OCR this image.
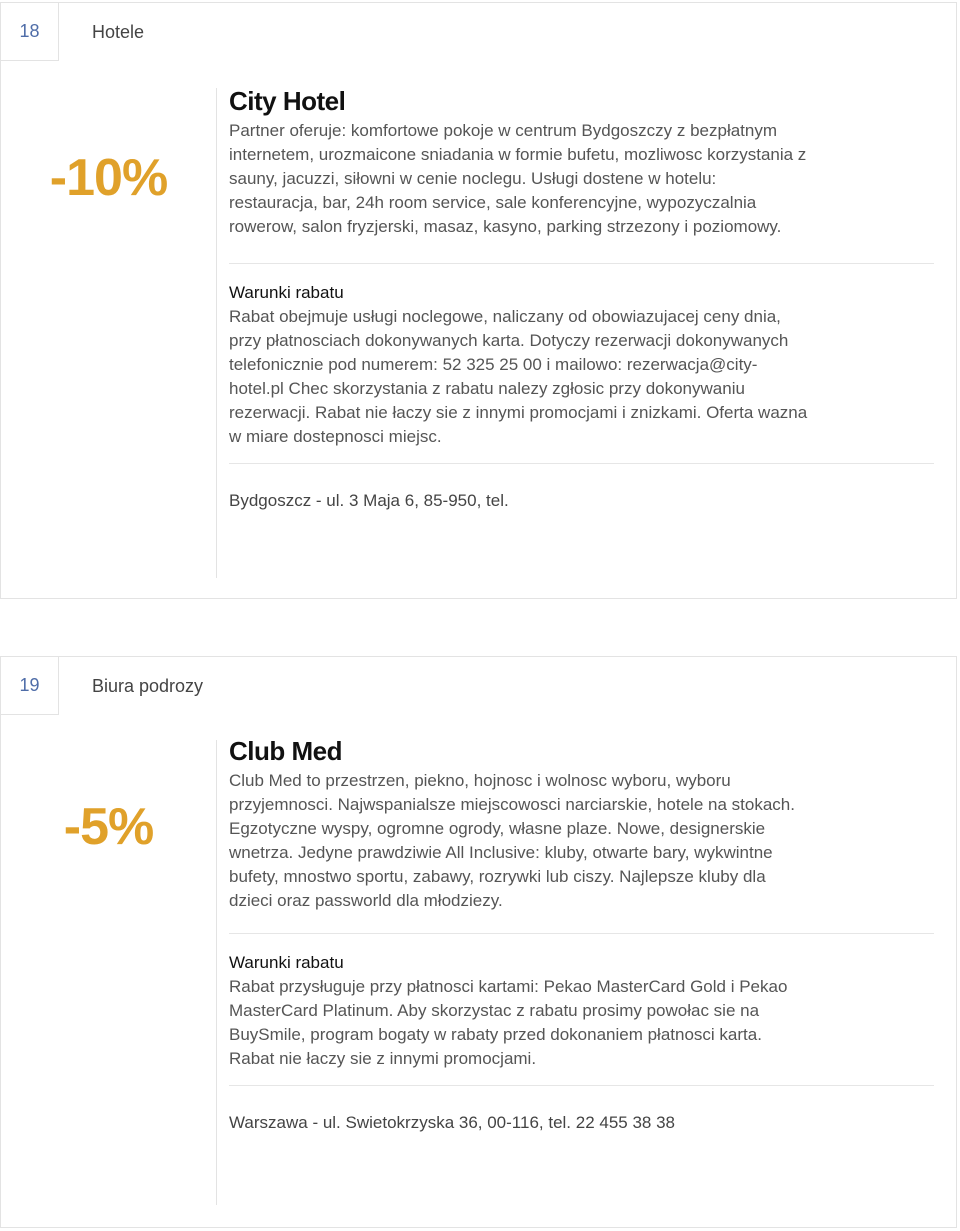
18	Hotele
-10%
City Hotel

Partner oferuje: komfortowe pokoje w centrum Bydgoszczy z bezpłatnym internetem, urozmaicone sniadania w formie bufetu, mozliwosc korzystania z sauny, jacuzzi, siłowni w cenie noclegu. Usługi dostene w hotelu: restauracja, bar, 24h room service, sale konferencyjne, wypozyczalnia rowerow, salon fryzjerski, masaz, kasyno, parking strzezony i poziomowy.

Warunki rabatu

Rabat obejmuje usługi noclegowe, naliczany od obowiazujacej ceny dnia, przy płatnosciach dokonywanych karta. Dotyczy rezerwacji dokonywanych telefonicznie pod numerem: 52 325 25 00 i mailowo: rezerwacja@city-hotel.pl Chec skorzystania z rabatu nalezy zgłosic przy dokonywaniu rezerwacji. Rabat nie łaczy sie z innymi promocjami i znizkami. Oferta wazna w miare dostepnosci miejsc.

Bydgoszcz - ul. 3 Maja 6, 85-950, tel.
19	Biura podrozy
-5%
Club Med

Club Med to przestrzen, piekno, hojnosc i wolnosc wyboru, wyboru przyjemnosci. Najwspanialsze miejscowosci narciarskie, hotele na stokach. Egzotyczne wyspy, ogromne ogrody, własne plaze. Nowe, designerskie wnetrza. Jedyne prawdziwie All Inclusive: kluby, otwarte bary, wykwintne bufety, mnostwo sportu, zabawy, rozrywki lub ciszy. Najlepsze kluby dla dzieci oraz passworld dla młodziezy.

Warunki rabatu

Rabat przysługuje przy płatnosci kartami: Pekao MasterCard Gold i Pekao MasterCard Platinum. Aby skorzystac z rabatu prosimy powołac sie na BuySmile, program bogaty w rabaty przed dokonaniem płatnosci karta. Rabat nie łaczy sie z innymi promocjami.

Warszawa - ul. Swietokrzyska 36, 00-116, tel. 22 455 38 38
